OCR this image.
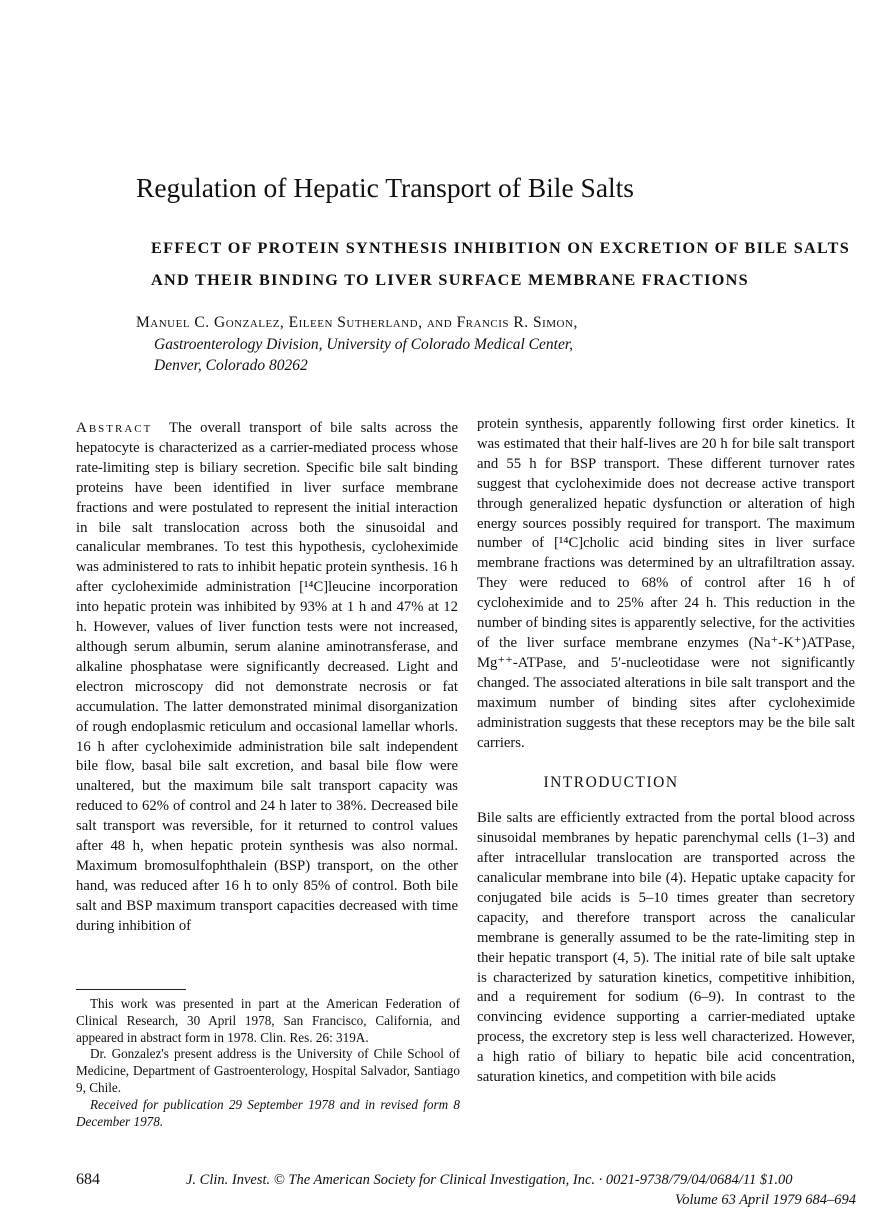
Regulation of Hepatic Transport of Bile Salts
EFFECT OF PROTEIN SYNTHESIS INHIBITION ON EXCRETION OF BILE SALTS AND THEIR BINDING TO LIVER SURFACE MEMBRANE FRACTIONS
Manuel C. Gonzalez, Eileen Sutherland, and Francis R. Simon,
Gastroenterology Division, University of Colorado Medical Center,
Denver, Colorado 80262

Abstract The overall transport of bile salts across the hepatocyte is characterized as a carrier-mediated process whose rate-limiting step is biliary secretion. Specific bile salt binding proteins have been identified in liver surface membrane fractions and were postulated to represent the initial interaction in bile salt translocation across both the sinusoidal and canalicular membranes. To test this hypothesis, cycloheximide was administered to rats to inhibit hepatic protein synthesis. 16 h after cycloheximide administration [¹⁴C]leucine incorporation into hepatic protein was inhibited by 93% at 1 h and 47% at 12 h. However, values of liver function tests were not increased, although serum albumin, serum alanine aminotransferase, and alkaline phosphatase were significantly decreased. Light and electron microscopy did not demonstrate necrosis or fat accumulation. The latter demonstrated minimal disorganization of rough endoplasmic reticulum and occasional lamellar whorls. 16 h after cycloheximide administration bile salt independent bile flow, basal bile salt excretion, and basal bile flow were unaltered, but the maximum bile salt transport capacity was reduced to 62% of control and 24 h later to 38%. Decreased bile salt transport was reversible, for it returned to control values after 48 h, when hepatic protein synthesis was also normal. Maximum bromosulfophthalein (BSP) transport, on the other hand, was reduced after 16 h to only 85% of control. Both bile salt and BSP maximum transport capacities decreased with time during inhibition of

This work was presented in part at the American Federation of Clinical Research, 30 April 1978, San Francisco, California, and appeared in abstract form in 1978. Clin. Res. 26: 319A.

Dr. Gonzalez's present address is the University of Chile School of Medicine, Department of Gastroenterology, Hospital Salvador, Santiago 9, Chile.

Received for publication 29 September 1978 and in revised form 8 December 1978.

protein synthesis, apparently following first order kinetics. It was estimated that their half-lives are 20 h for bile salt transport and 55 h for BSP transport. These different turnover rates suggest that cycloheximide does not decrease active transport through generalized hepatic dysfunction or alteration of high energy sources possibly required for transport. The maximum number of [¹⁴C]cholic acid binding sites in liver surface membrane fractions was determined by an ultrafiltration assay. They were reduced to 68% of control after 16 h of cycloheximide and to 25% after 24 h. This reduction in the number of binding sites is apparently selective, for the activities of the liver surface membrane enzymes (Na⁺-K⁺)ATPase, Mg⁺⁺-ATPase, and 5′-nucleotidase were not significantly changed. The associated alterations in bile salt transport and the maximum number of binding sites after cycloheximide administration suggests that these receptors may be the bile salt carriers.

INTRODUCTION

Bile salts are efficiently extracted from the portal blood across sinusoidal membranes by hepatic parenchymal cells (1–3) and after intracellular translocation are transported across the canalicular membrane into bile (4). Hepatic uptake capacity for conjugated bile acids is 5–10 times greater than secretory capacity, and therefore transport across the canalicular membrane is generally assumed to be the rate-limiting step in their hepatic transport (4, 5). The initial rate of bile salt uptake is characterized by saturation kinetics, competitive inhibition, and a requirement for sodium (6–9). In contrast to the convincing evidence supporting a carrier-mediated uptake process, the excretory step is less well characterized. However, a high ratio of biliary to hepatic bile acid concentration, saturation kinetics, and competition with bile acids

684	J. Clin. Invest. © The American Society for Clinical Investigation, Inc. · 0021-9738/79/04/0684/11 $1.00
Volume 63 April 1979 684–694
